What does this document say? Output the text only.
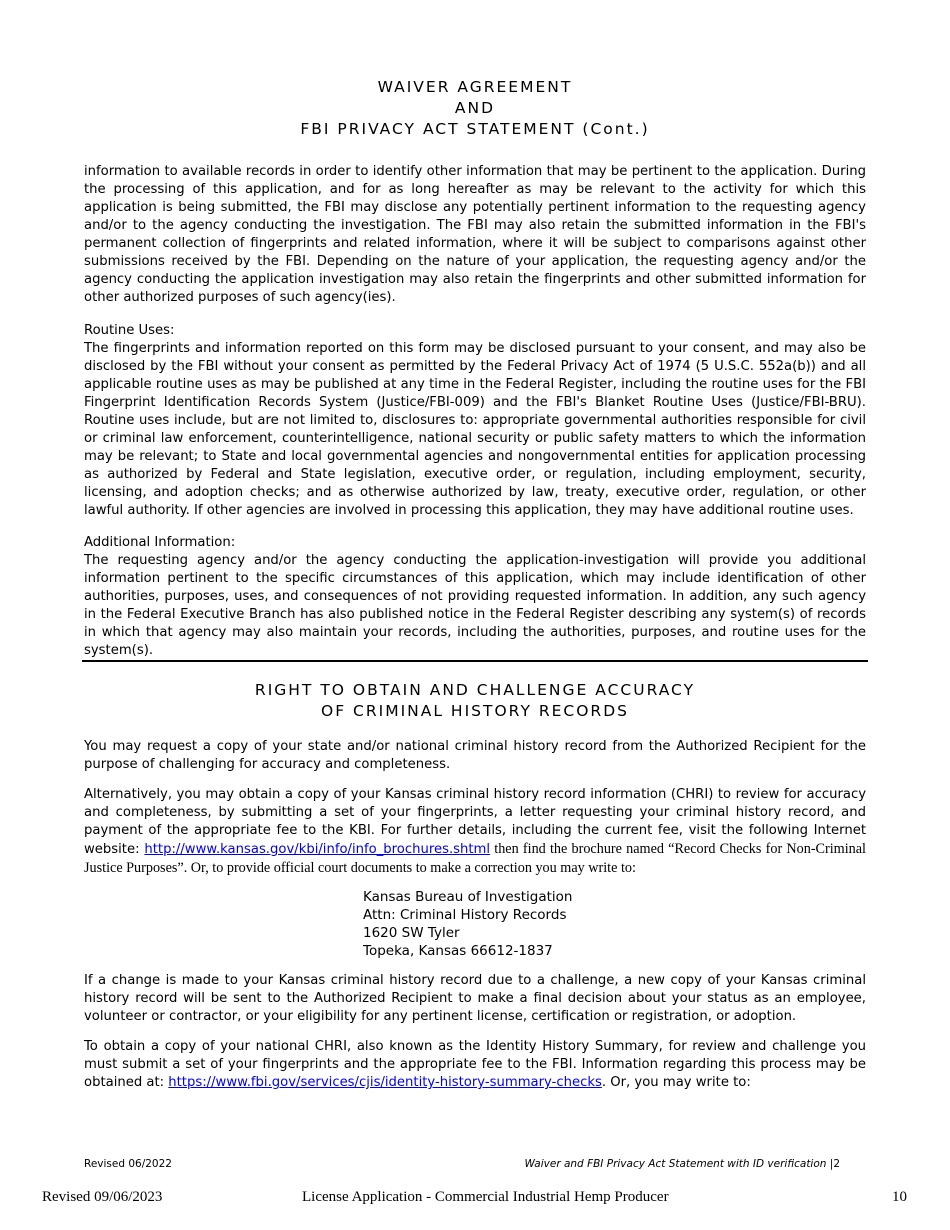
WAIVER AGREEMENT
AND
FBI PRIVACY ACT STATEMENT (Cont.)

information to available records in order to identify other information that may be pertinent to the application. During the processing of this application, and for as long hereafter as may be relevant to the activity for which this application is being submitted, the FBI may disclose any potentially pertinent information to the requesting agency and/or to the agency conducting the investigation. The FBI may also retain the submitted information in the FBI's permanent collection of fingerprints and related information, where it will be subject to comparisons against other submissions received by the FBI. Depending on the nature of your application, the requesting agency and/or the agency conducting the application investigation may also retain the fingerprints and other submitted information for other authorized purposes of such agency(ies).

Routine Uses:
The fingerprints and information reported on this form may be disclosed pursuant to your consent, and may also be disclosed by the FBI without your consent as permitted by the Federal Privacy Act of 1974 (5 U.S.C. 552a(b)) and all applicable routine uses as may be published at any time in the Federal Register, including the routine uses for the FBI Fingerprint Identification Records System (Justice/FBI-009) and the FBI's Blanket Routine Uses (Justice/FBI-BRU). Routine uses include, but are not limited to, disclosures to: appropriate governmental authorities responsible for civil or criminal law enforcement, counterintelligence, national security or public safety matters to which the information may be relevant; to State and local governmental agencies and nongovernmental entities for application processing as authorized by Federal and State legislation, executive order, or regulation, including employment, security, licensing, and adoption checks; and as otherwise authorized by law, treaty, executive order, regulation, or other lawful authority. If other agencies are involved in processing this application, they may have additional routine uses.
Additional Information:
The requesting agency and/or the agency conducting the application-investigation will provide you additional information pertinent to the specific circumstances of this application, which may include identification of other authorities, purposes, uses, and consequences of not providing requested information. In addition, any such agency in the Federal Executive Branch has also published notice in the Federal Register describing any system(s) of records in which that agency may also maintain your records, including the authorities, purposes, and routine uses for the system(s).
RIGHT TO OBTAIN AND CHALLENGE ACCURACY
OF CRIMINAL HISTORY RECORDS

You may request a copy of your state and/or national criminal history record from the Authorized Recipient for the purpose of challenging for accuracy and completeness.

Alternatively, you may obtain a copy of your Kansas criminal history record information (CHRI) to review for accuracy and completeness, by submitting a set of your fingerprints, a letter requesting your criminal history record, and payment of the appropriate fee to the KBI. For further details, including the current fee, visit the following Internet website: http://www.kansas.gov/kbi/info/info_brochures.shtml then find the brochure named “Record Checks for Non-Criminal Justice Purposes”. Or, to provide official court documents to make a correction you may write to:

Kansas Bureau of Investigation
Attn: Criminal History Records
1620 SW Tyler
Topeka, Kansas 66612-1837

If a change is made to your Kansas criminal history record due to a challenge, a new copy of your Kansas criminal history record will be sent to the Authorized Recipient to make a final decision about your status as an employee, volunteer or contractor, or your eligibility for any pertinent license, certification or registration, or adoption.

To obtain a copy of your national CHRI, also known as the Identity History Summary, for review and challenge you must submit a set of your fingerprints and the appropriate fee to the FBI. Information regarding this process may be obtained at: https://www.fbi.gov/services/cjis/identity-history-summary-checks. Or, you may write to:

Revised 06/2022	Waiver and FBI Privacy Act Statement with ID verification |2
Revised 09/06/2023	License Application - Commercial Industrial Hemp Producer	10
